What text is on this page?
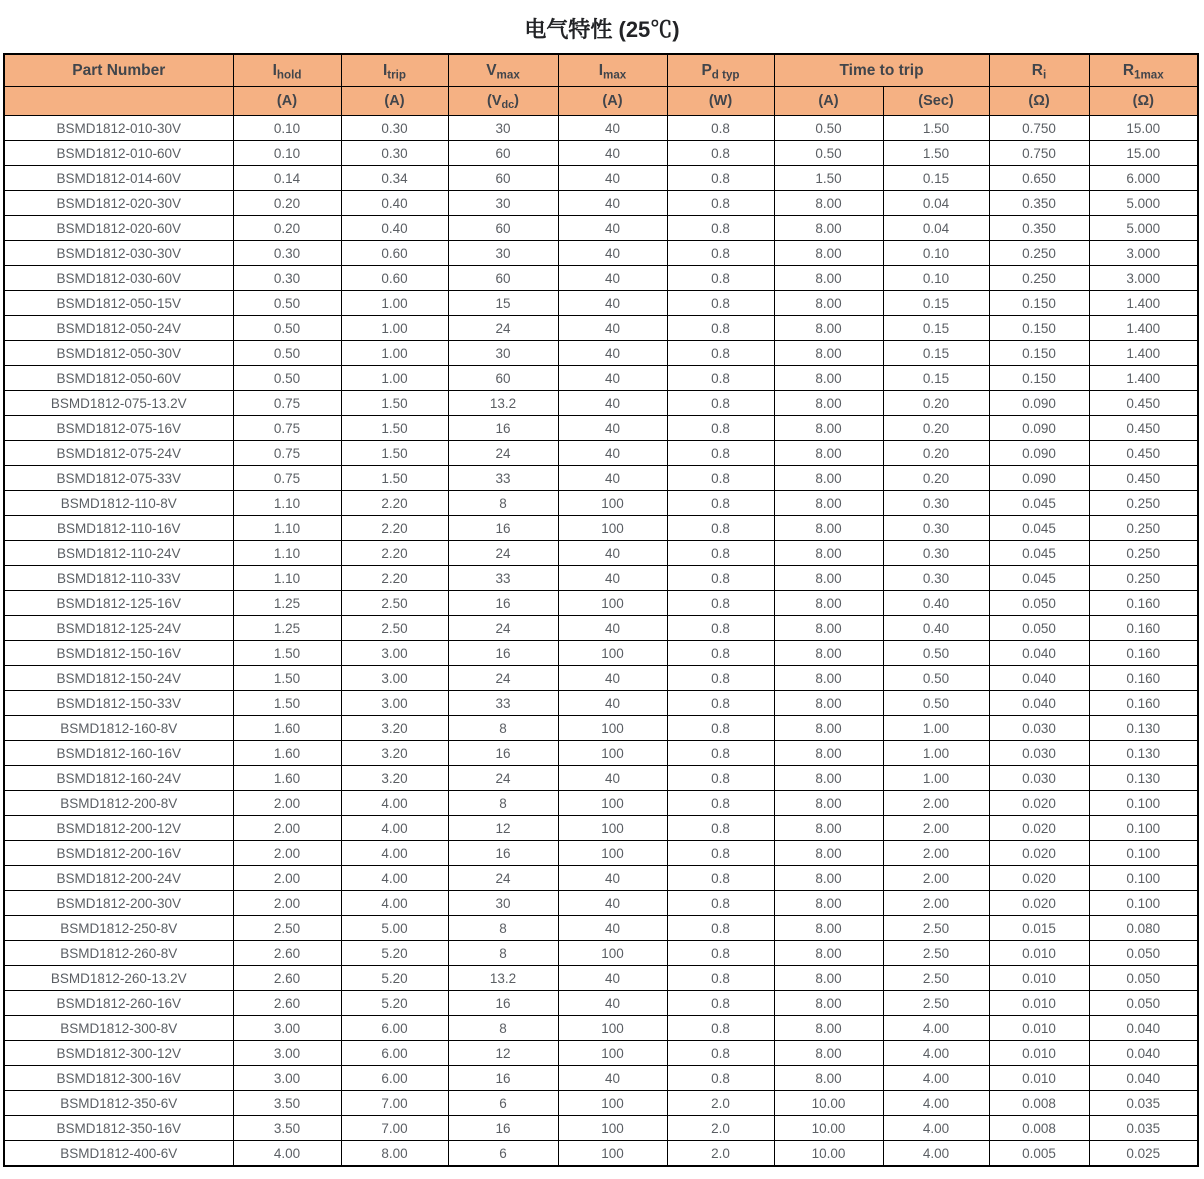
电气特性 (25℃)
Part Number	$I_{hold}$	$I_{trip}$	$V_{max}$	$I_{max}$	$P_{d typ}$	Time to trip		$R_i$	$R_{1max}$
	(A)	(A)	$(V_{dc})$	(A)	(W)	(A)	(Sec)	(Ω)	(Ω)
BSMD1812-010-30V	0.10	0.30	30	40	0.8	0.50	1.50	0.750	15.00
BSMD1812-010-60V	0.10	0.30	60	40	0.8	0.50	1.50	0.750	15.00
BSMD1812-014-60V	0.14	0.34	60	40	0.8	1.50	0.15	0.650	6.000
BSMD1812-020-30V	0.20	0.40	30	40	0.8	8.00	0.04	0.350	5.000
BSMD1812-020-60V	0.20	0.40	60	40	0.8	8.00	0.04	0.350	5.000
BSMD1812-030-30V	0.30	0.60	30	40	0.8	8.00	0.10	0.250	3.000
BSMD1812-030-60V	0.30	0.60	60	40	0.8	8.00	0.10	0.250	3.000
BSMD1812-050-15V	0.50	1.00	15	40	0.8	8.00	0.15	0.150	1.400
BSMD1812-050-24V	0.50	1.00	24	40	0.8	8.00	0.15	0.150	1.400
BSMD1812-050-30V	0.50	1.00	30	40	0.8	8.00	0.15	0.150	1.400
BSMD1812-050-60V	0.50	1.00	60	40	0.8	8.00	0.15	0.150	1.400
BSMD1812-075-13.2V	0.75	1.50	13.2	40	0.8	8.00	0.20	0.090	0.450
BSMD1812-075-16V	0.75	1.50	16	40	0.8	8.00	0.20	0.090	0.450
BSMD1812-075-24V	0.75	1.50	24	40	0.8	8.00	0.20	0.090	0.450
BSMD1812-075-33V	0.75	1.50	33	40	0.8	8.00	0.20	0.090	0.450
BSMD1812-110-8V	1.10	2.20	8	100	0.8	8.00	0.30	0.045	0.250
BSMD1812-110-16V	1.10	2.20	16	100	0.8	8.00	0.30	0.045	0.250
BSMD1812-110-24V	1.10	2.20	24	40	0.8	8.00	0.30	0.045	0.250
BSMD1812-110-33V	1.10	2.20	33	40	0.8	8.00	0.30	0.045	0.250
BSMD1812-125-16V	1.25	2.50	16	100	0.8	8.00	0.40	0.050	0.160
BSMD1812-125-24V	1.25	2.50	24	40	0.8	8.00	0.40	0.050	0.160
BSMD1812-150-16V	1.50	3.00	16	100	0.8	8.00	0.50	0.040	0.160
BSMD1812-150-24V	1.50	3.00	24	40	0.8	8.00	0.50	0.040	0.160
BSMD1812-150-33V	1.50	3.00	33	40	0.8	8.00	0.50	0.040	0.160
BSMD1812-160-8V	1.60	3.20	8	100	0.8	8.00	1.00	0.030	0.130
BSMD1812-160-16V	1.60	3.20	16	100	0.8	8.00	1.00	0.030	0.130
BSMD1812-160-24V	1.60	3.20	24	40	0.8	8.00	1.00	0.030	0.130
BSMD1812-200-8V	2.00	4.00	8	100	0.8	8.00	2.00	0.020	0.100
BSMD1812-200-12V	2.00	4.00	12	100	0.8	8.00	2.00	0.020	0.100
BSMD1812-200-16V	2.00	4.00	16	100	0.8	8.00	2.00	0.020	0.100
BSMD1812-200-24V	2.00	4.00	24	40	0.8	8.00	2.00	0.020	0.100
BSMD1812-200-30V	2.00	4.00	30	40	0.8	8.00	2.00	0.020	0.100
BSMD1812-250-8V	2.50	5.00	8	40	0.8	8.00	2.50	0.015	0.080
BSMD1812-260-8V	2.60	5.20	8	100	0.8	8.00	2.50	0.010	0.050
BSMD1812-260-13.2V	2.60	5.20	13.2	40	0.8	8.00	2.50	0.010	0.050
BSMD1812-260-16V	2.60	5.20	16	40	0.8	8.00	2.50	0.010	0.050
BSMD1812-300-8V	3.00	6.00	8	100	0.8	8.00	4.00	0.010	0.040
BSMD1812-300-12V	3.00	6.00	12	100	0.8	8.00	4.00	0.010	0.040
BSMD1812-300-16V	3.00	6.00	16	40	0.8	8.00	4.00	0.010	0.040
BSMD1812-350-6V	3.50	7.00	6	100	2.0	10.00	4.00	0.008	0.035
BSMD1812-350-16V	3.50	7.00	16	100	2.0	10.00	4.00	0.008	0.035
BSMD1812-400-6V	4.00	8.00	6	100	2.0	10.00	4.00	0.005	0.025
